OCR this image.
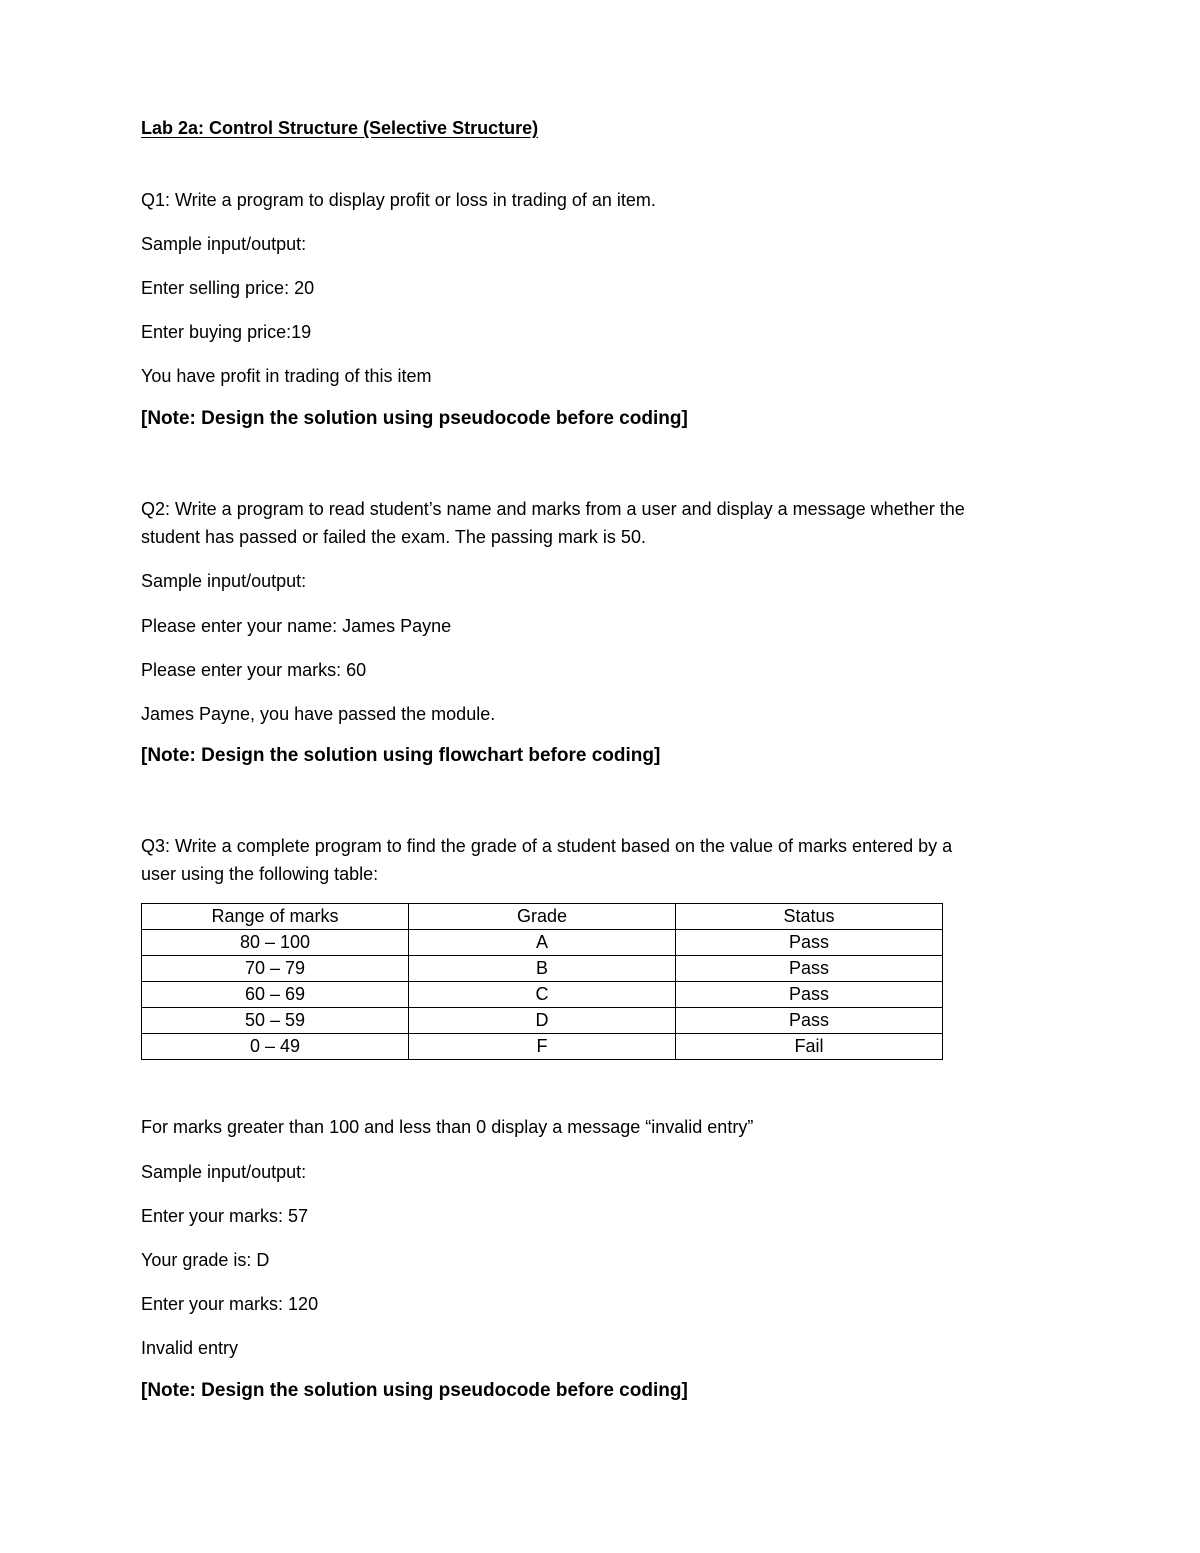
Lab 2a: Control Structure (Selective Structure)
Q1: Write a program to display profit or loss in trading of an item.
Sample input/output:
Enter selling price: 20
Enter buying price:19
You have profit in trading of this item
[Note: Design the solution using pseudocode before coding]
Q2: Write a program to read student’s name and marks from a user and display a message whether the
student has passed or failed the exam. The passing mark is 50.
Sample input/output:
Please enter your name: James Payne
Please enter your marks: 60
James Payne, you have passed the module.
[Note: Design the solution using flowchart before coding]
Q3: Write a complete program to find the grade of a student based on the value of marks entered by a
user using the following table:
Range of marks	Grade	Status
80 – 100	A	Pass
70 – 79	B	Pass
60 – 69	C	Pass
50 – 59	D	Pass
0 – 49	F	Fail
For marks greater than 100 and less than 0 display a message “invalid entry”
Sample input/output:
Enter your marks: 57
Your grade is: D
Enter your marks: 120
Invalid entry
[Note: Design the solution using pseudocode before coding]
